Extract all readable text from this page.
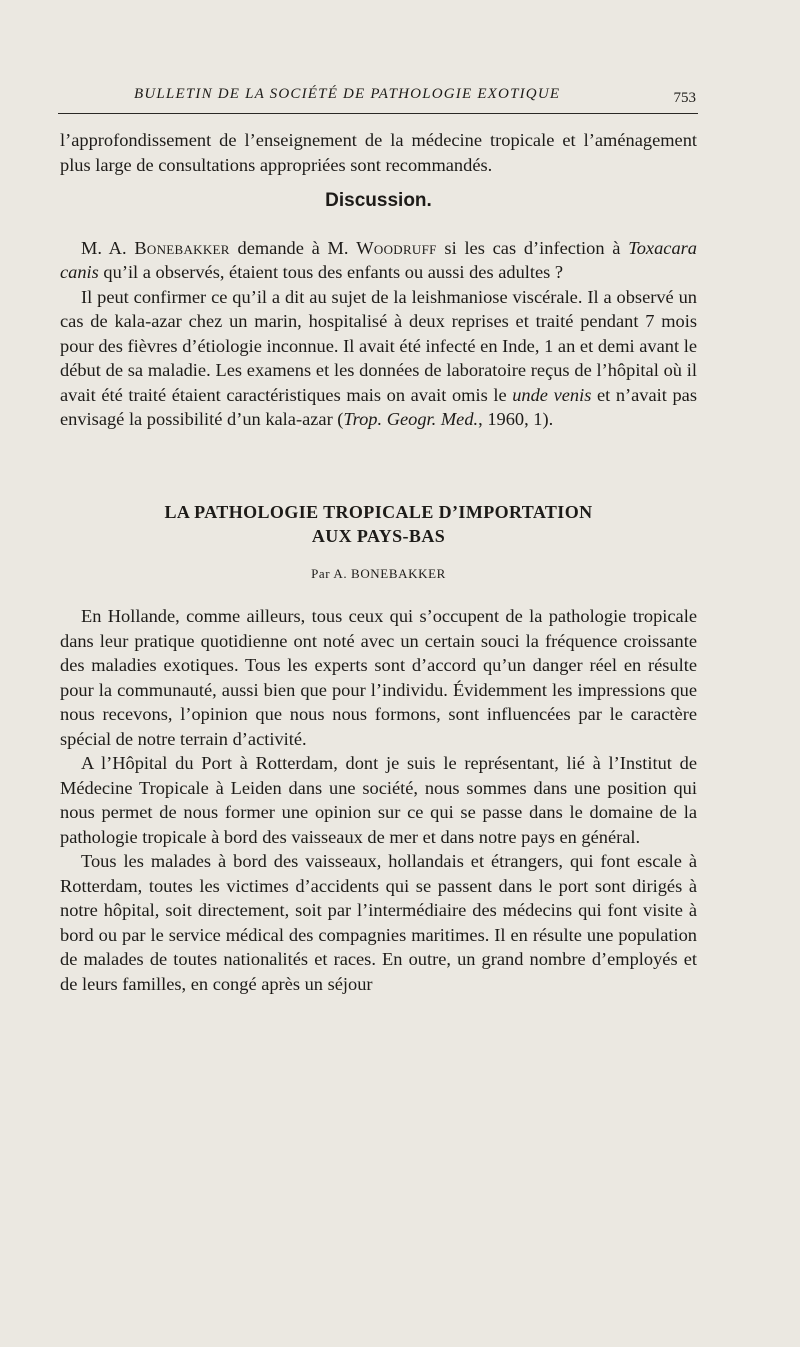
BULLETIN DE LA SOCIÉTÉ DE PATHOLOGIE EXOTIQUE	753

l’approfondissement de l’enseignement de la médecine tropicale et l’aménagement plus large de consultations appropriées sont recommandés.

Discussion.

M. A. Bonebakker demande à M. Woodruff si les cas d’infection à Toxacara canis qu’il a observés, étaient tous des enfants ou aussi des adultes ?

Il peut confirmer ce qu’il a dit au sujet de la leishmaniose viscérale. Il a observé un cas de kala-azar chez un marin, hospitalisé à deux reprises et traité pendant 7 mois pour des fièvres d’étiologie inconnue. Il avait été infecté en Inde, 1 an et demi avant le début de sa maladie. Les examens et les données de laboratoire reçus de l’hôpital où il avait été traité étaient caractéristiques mais on avait omis le unde venis et n’avait pas envisagé la possibilité d’un kala-azar (Trop. Geogr. Med., 1960, 1).

LA PATHOLOGIE TROPICALE D’IMPORTATION
AUX PAYS-BAS

Par A. BONEBAKKER

En Hollande, comme ailleurs, tous ceux qui s’occupent de la pathologie tropicale dans leur pratique quotidienne ont noté avec un certain souci la fréquence croissante des maladies exotiques. Tous les experts sont d’accord qu’un danger réel en résulte pour la communauté, aussi bien que pour l’individu. Évidemment les impressions que nous recevons, l’opinion que nous nous formons, sont influencées par le caractère spécial de notre terrain d’activité.

A l’Hôpital du Port à Rotterdam, dont je suis le représentant, lié à l’Institut de Médecine Tropicale à Leiden dans une société, nous sommes dans une position qui nous permet de nous former une opinion sur ce qui se passe dans le domaine de la pathologie tropicale à bord des vaisseaux de mer et dans notre pays en général.

Tous les malades à bord des vaisseaux, hollandais et étrangers, qui font escale à Rotterdam, toutes les victimes d’accidents qui se passent dans le port sont dirigés à notre hôpital, soit directement, soit par l’intermédiaire des médecins qui font visite à bord ou par le service médical des compagnies maritimes. Il en résulte une population de malades de toutes nationalités et races. En outre, un grand nombre d’employés et de leurs familles, en congé après un séjour
